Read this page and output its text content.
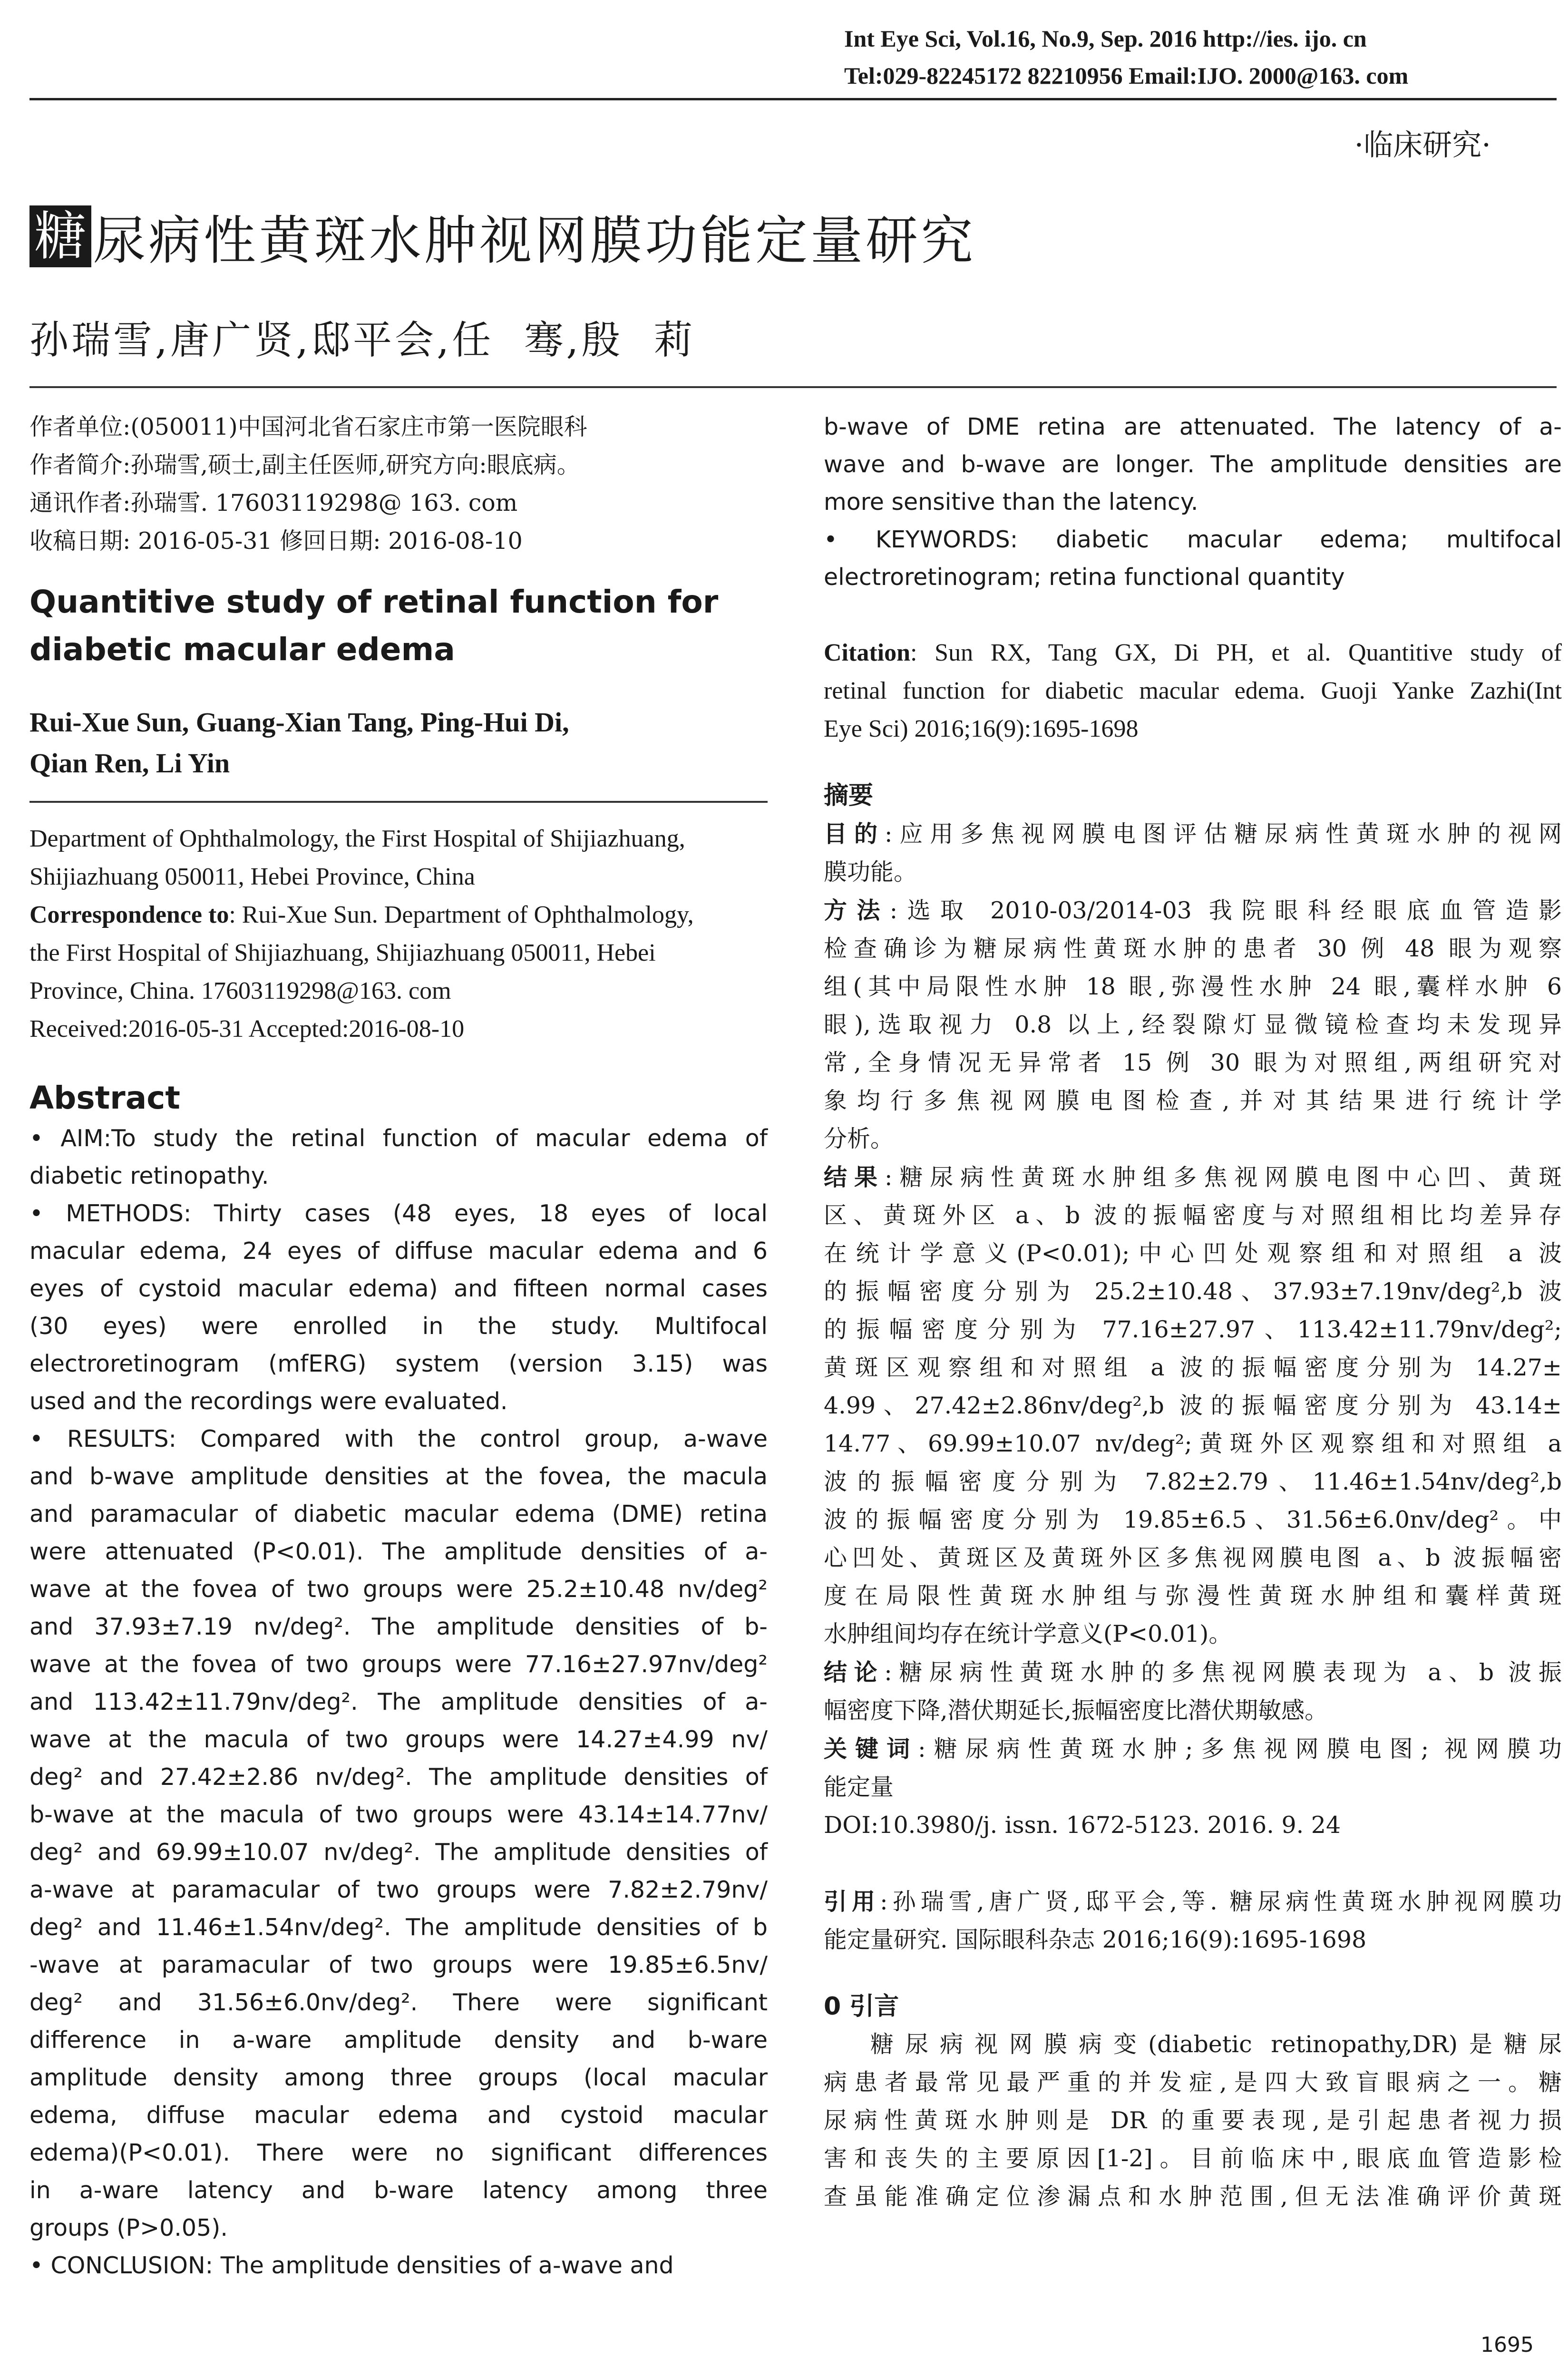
Int Eye Sci, Vol.16, No.9, Sep. 2016 http://ies. ijo. cn
Tel:029-82245172 82210956 Email:IJO. 2000@163. com
·临床研究·
糖 尿病性黄斑水肿视网膜功能定量研究
孙瑞雪,唐广贤,邸平会,任  骞,殷  莉
作者单位:(050011)中国河北省石家庄市第一医院眼科
作者简介:孙瑞雪,硕士,副主任医师,研究方向:眼底病。
通讯作者:孙瑞雪. 17603119298@ 163. com
收稿日期: 2016-05-31 修回日期: 2016-08-10
Quantitive study of retinal function for
diabetic macular edema
Rui-Xue Sun, Guang-Xian Tang, Ping-Hui Di,
Qian Ren, Li Yin
Department of Ophthalmology, the First Hospital of Shijiazhuang,
Shijiazhuang 050011, Hebei Province, China
Correspondence to: Rui-Xue Sun. Department of Ophthalmology,
the First Hospital of Shijiazhuang, Shijiazhuang 050011, Hebei
Province, China. 17603119298@163. com
Received:2016-05-31 Accepted:2016-08-10
Abstract
• AIM:To study the retinal function of macular edema of
diabetic retinopathy.
• METHODS: Thirty cases (48 eyes, 18 eyes of local
macular edema, 24 eyes of diffuse macular edema and 6
eyes of cystoid macular edema) and fifteen normal cases
(30 eyes) were enrolled in the study. Multifocal
electroretinogram (mfERG) system (version 3.15) was
used and the recordings were evaluated.
• RESULTS: Compared with the control group, a-wave
and b-wave amplitude densities at the fovea, the macula
and paramacular of diabetic macular edema (DME) retina
were attenuated (P<0.01). The amplitude densities of a-
wave at the fovea of two groups were 25.2±10.48 nv/deg²
and 37.93±7.19 nv/deg². The amplitude densities of b-
wave at the fovea of two groups were 77.16±27.97nv/deg²
and 113.42±11.79nv/deg². The amplitude densities of a-
wave at the macula of two groups were 14.27±4.99 nv/
deg² and 27.42±2.86 nv/deg². The amplitude densities of
b-wave at the macula of two groups were 43.14±14.77nv/
deg² and 69.99±10.07 nv/deg². The amplitude densities of
a-wave at paramacular of two groups were 7.82±2.79nv/
deg² and 11.46±1.54nv/deg². The amplitude densities of b
-wave at paramacular of two groups were 19.85±6.5nv/
deg² and 31.56±6.0nv/deg². There were significant
difference in a-ware amplitude density and b-ware
amplitude density among three groups (local macular
edema, diffuse macular edema and cystoid macular
edema)(P<0.01). There were no significant differences
in a-ware latency and b-ware latency among three
groups (P>0.05).
• CONCLUSION: The amplitude densities of a-wave and
b-wave of DME retina are attenuated. The latency of a-
wave and b-wave are longer. The amplitude densities are
more sensitive than the latency.
• KEYWORDS: diabetic macular edema; multifocal
electroretinogram; retina functional quantity
Citation: Sun RX, Tang GX, Di PH, et al. Quantitive study of
retinal function for diabetic macular edema. Guoji Yanke Zazhi(Int
Eye Sci) 2016;16(9):1695-1698
摘要
目的:应用多焦视网膜电图评估糖尿病性黄斑水肿的视网
膜功能。
方法:选取 2010-03/2014-03 我院眼科经眼底血管造影
检查确诊为糖尿病性黄斑水肿的患者 30 例 48 眼为观察
组(其中局限性水肿 18 眼,弥漫性水肿 24 眼,囊样水肿 6
眼),选取视力 0.8 以上,经裂隙灯显微镜检查均未发现异
常,全身情况无异常者 15 例 30 眼为对照组,两组研究对
象均行多焦视网膜电图检查,并对其结果进行统计学
分析。
结果:糖尿病性黄斑水肿组多焦视网膜电图中心凹、黄斑
区、黄斑外区 a、b 波的振幅密度与对照组相比均差异存
在统计学意义(P<0.01);中心凹处观察组和对照组 a 波
的振幅密度分别为 25.2±10.48、37.93±7.19nv/deg²,b 波
的振幅密度分别为 77.16±27.97、113.42±11.79nv/deg²;
黄斑区观察组和对照组 a 波的振幅密度分别为 14.27±
4.99、27.42±2.86nv/deg²,b 波的振幅密度分别为 43.14±
14.77、69.99±10.07 nv/deg²;黄斑外区观察组和对照组 a
波的振幅密度分别为 7.82±2.79、11.46±1.54nv/deg²,b
波的振幅密度分别为 19.85±6.5、31.56±6.0nv/deg²。中
心凹处、黄斑区及黄斑外区多焦视网膜电图 a、b 波振幅密
度在局限性黄斑水肿组与弥漫性黄斑水肿组和囊样黄斑
水肿组间均存在统计学意义(P<0.01)。
结论:糖尿病性黄斑水肿的多焦视网膜表现为 a、b 波振
幅密度下降,潜伏期延长,振幅密度比潜伏期敏感。
关键词:糖尿病性黄斑水肿;多焦视网膜电图; 视网膜功
能定量
DOI:10.3980/j. issn. 1672-5123. 2016. 9. 24
引用:孙瑞雪,唐广贤,邸平会,等. 糖尿病性黄斑水肿视网膜功
能定量研究. 国际眼科杂志 2016;16(9):1695-1698
0 引言
糖尿病视网膜病变(diabetic retinopathy,DR)是糖尿
病患者最常见最严重的并发症,是四大致盲眼病之一。糖
尿病性黄斑水肿则是 DR 的重要表现,是引起患者视力损
害和丧失的主要原因[1-2]。目前临床中,眼底血管造影检
查虽能准确定位渗漏点和水肿范围,但无法准确评价黄斑
1695
